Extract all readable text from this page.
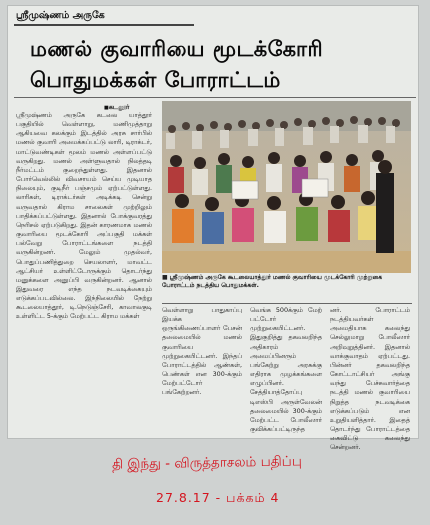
ஸ்ரீமுஷ்ணம் அருகே
மணல் குவாரியை மூடக்கோரி
பொதுமக்கள் போராட்டம்
■ கடலூர்
ஸ்ரீமுஷ்ணம் அருகே கடலை யாத்தூர் பகுதியில் வெள்ளாறு, மணிமுத்தாறு ஆகியவை கலக்கும் இடத்தில் அரசு சார்பில் மணல் குவாரி அமைக்கப்பட்டு லாரி, டிராக்டர், மாட்டுவண்டிகள் மூலம் மணல் அள்ளப்பட்டு வருகிறது. மணல் அள்ளுவதால் நிலத்தடி நீர்மட்டம் குறைந்துள்ளது. இதனால் போர்வெல்லில் விவசாயம் செய்ய முடியாத நிலையும், குடிநீர் பஞ்சமும் ஏற்பட்டுள்ளது. லாரிகள், டிராக்டர்கள் அடிக்கடி சென்று வருவதால் கிராம சாலைகள் முற்றிலும் பாதிக்கப்பட்டுள்ளது. இதனால் போக்குவரத்து நெரிசல் ஏற்படுகிறது. இதன் காரணமாக மணல் குவாரியை மூடக்கோரி அப்பகுதி மக்கள் பல்வேறு போராட்டங்களை நடத்தி வருகின்றனர். மேலும் முதல்வர், பொதுப்பணித்துறை செயலாளர், மாவட்ட ஆட்சியர் உள்ளிட்டோருக்கும் தொடர்ந்து மனுக்களை அனுப்பி வருகின்றனர். ஆனால் இதுவரை எந்த நடவடிக்கையும் எடுக்கப்படவில்லை. இந்நிலையில் நேற்று கூடலையாத்தூர், டி.நெடுஞ்சேரி, காவாலகுடி உள்ளிட்ட 5-க்கும் மேற்பட்ட கிராம மக்கள்
■ ஸ்ரீமுஷ்ணம் அருகே கூடலையாத்தூர் மணல் குவாரியை மூடக்கோரி முற்றுகை போராட்டம் நடத்திய பொதுமக்கள்.
வெள்ளாறு பாதுகாப்பு இயக்க ஒருங்கிணைப்பாளர் பேசன் தலைமையில் மணல் குவாரியை முற்றுகையிட்டனர். இந்தப் போராட்டத்தில் ஆண்கள், பெண்கள் என 300-க்கும் மேற்பட்டோர் பங்கேற்றனர்.
வெங்க 500க்கும் மேற் பட்டோர் முற்றுகையிட்டனர். இதுகுறித்து தகவலறிந்த அதிகாரம் அமைப்பினரும் பங்கேற்று அரசுக்கு எதிராக முழக்கங்களை எழுப்பினர். சேத்தியாத்தோப்பு டிஎஸ்பி அருள்வேலன் தலைமையில் 300-க்கும் மேற்பட்ட போலீஸார் குவிக்கப்பட்டிருந்த
னர். போராட்டம் நடத்தியவர்கள் அமைதியாக கலைந்து செல்லுமாறு போலீஸார் அறிவுறுத்தினர். இதனால் வாக்குவாதம் ஏற்பட்டது. பின்னர் தகவலறிந்த கோட்டாட்சியர் அங்கு வந்து பேச்சுவார்த்தை நடத்தி மணல் குவாரியை நிறுத்த நடவடிக்கை எடுக்கப்படும் என உறுதியளித்தார். இதைத் தொடர்ந்து போராட்டத்தை கைவிட்டு கலைந்து சென்றனர்.
தி இந்து - விருத்தாசலம் பதிப்பு
27.8.17 - பக்கம் 4
